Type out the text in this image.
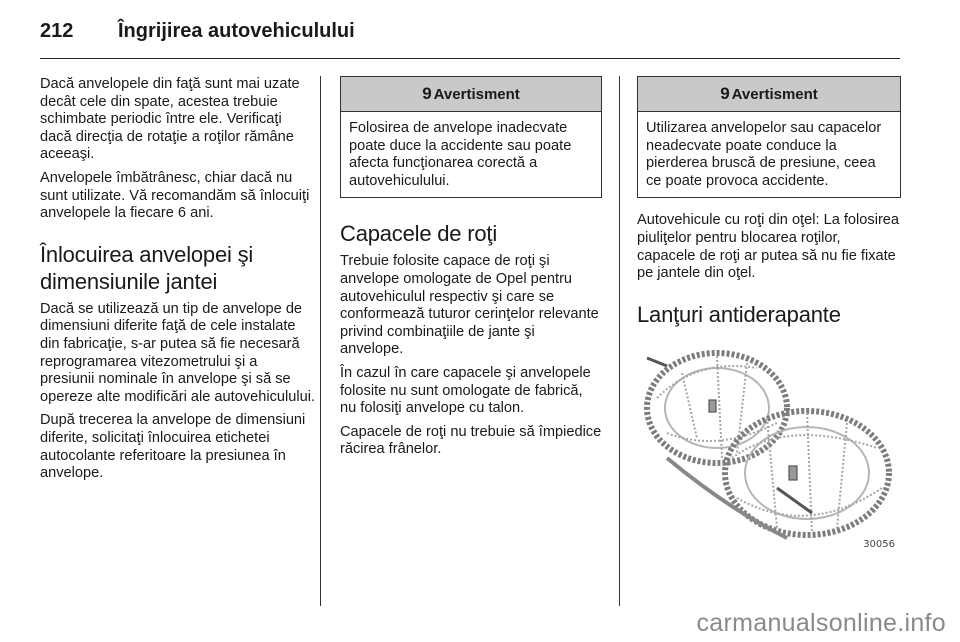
212 Îngrijirea autovehiculului

Dacă anvelopele din faţă sunt mai uzate decât cele din spate, acestea trebuie schimbate periodic între ele. Verificaţi dacă direcţia de rotaţie a roţilor rămâne aceeaşi.

Anvelopele îmbătrânesc, chiar dacă nu sunt utilizate. Vă recomandăm să înlocuiţi anvelopele la fiecare 6 ani.

Înlocuirea anvelopei şi dimensiunile jantei

Dacă se utilizează un tip de anvelope de dimensiuni diferite faţă de cele instalate din fabricaţie, s-ar putea să fie necesară reprogramarea vitezometrului şi a presiunii nominale în anvelope şi să se opereze alte modificări ale autovehiculului.

După trecerea la anvelope de dimensiuni diferite, solicitaţi înlocuirea etichetei autocolante referitoare la presiunea în anvelope.

9 Avertisment

Folosirea de anvelope inadecvate poate duce la accidente sau poate afecta funcţionarea corectă a autovehiculului.

Capacele de roţi

Trebuie folosite capace de roţi şi anvelope omologate de Opel pentru autovehiculul respectiv şi care se conformează tuturor cerinţelor relevante privind combinaţiile de jante şi anvelope.

În cazul în care capacele şi anvelopele folosite nu sunt omologate de fabrică, nu folosiţi anvelope cu talon.

Capacele de roţi nu trebuie să împiedice răcirea frânelor.

9 Avertisment

Utilizarea anvelopelor sau capacelor neadecvate poate conduce la pierderea bruscă de presiune, ceea ce poate provoca accidente.

Autovehicule cu roţi din oţel: La folosirea piuliţelor pentru blocarea roţilor, capacele de roţi ar putea să nu fie fixate pe jantele din oţel.

Lanţuri antiderapante
30056
carmanualsonline.info
